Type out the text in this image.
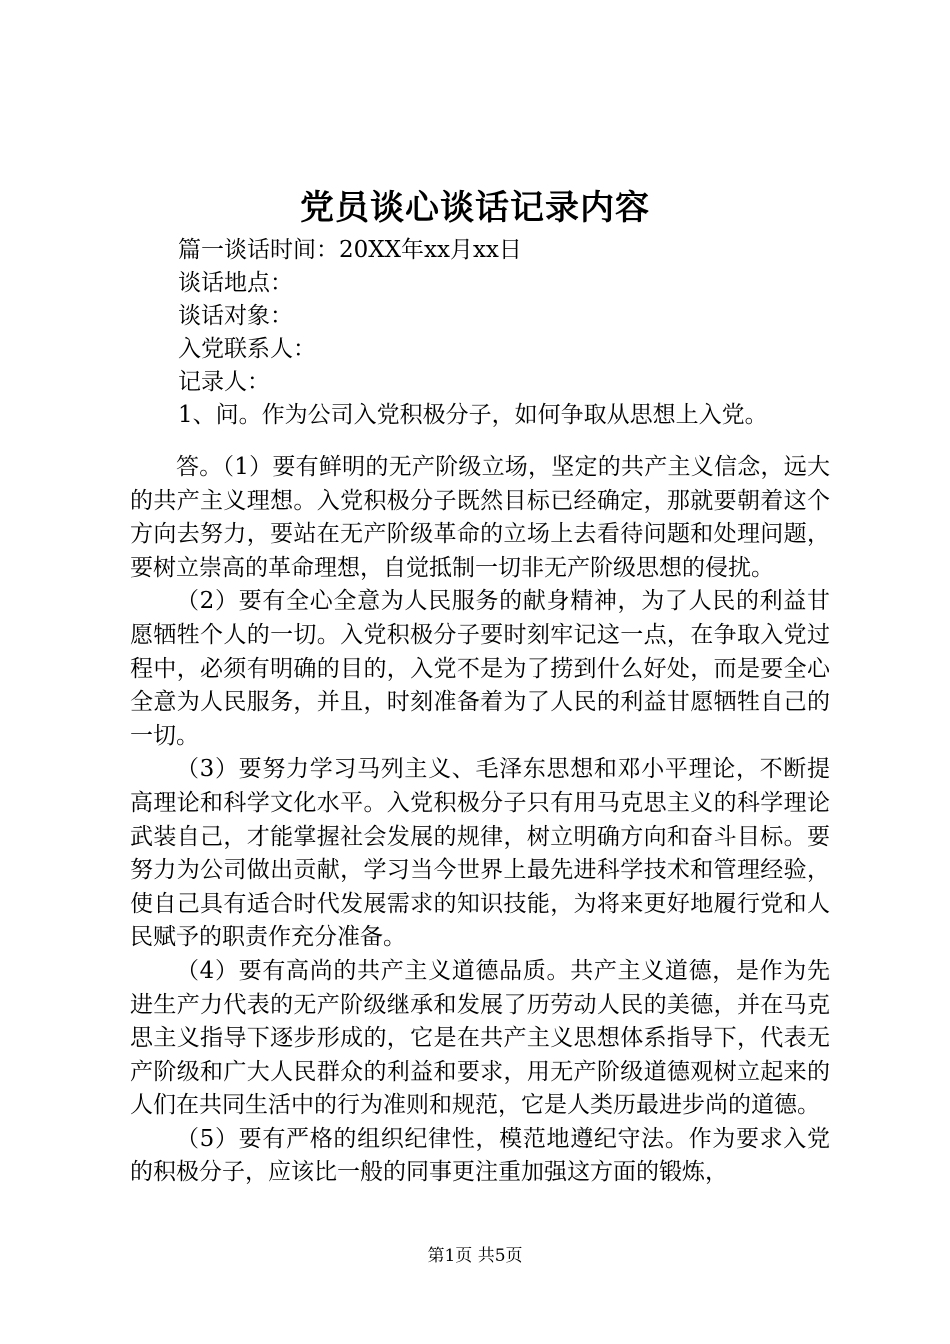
党员谈心谈话记录内容
篇一谈话时间：20XX年xx月xx日
谈话地点：
谈话对象：
入党联系人：
记录人：
1、问。作为公司入党积极分子，如何争取从思想上入党。

答。（1）要有鲜明的无产阶级立场，坚定的共产主义信念，远大的共产主义理想。入党积极分子既然目标已经确定，那就要朝着这个方向去努力，要站在无产阶级革命的立场上去看待问题和处理问题，要树立崇高的革命理想，自觉抵制一切非无产阶级思想的侵扰。

（2）要有全心全意为人民服务的献身精神，为了人民的利益甘愿牺牲个人的一切。入党积极分子要时刻牢记这一点，在争取入党过程中，必须有明确的目的，入党不是为了捞到什么好处，而是要全心全意为人民服务，并且，时刻准备着为了人民的利益甘愿牺牲自己的一切。

（3）要努力学习马列主义、毛泽东思想和邓小平理论，不断提高理论和科学文化水平。入党积极分子只有用马克思主义的科学理论武装自己，才能掌握社会发展的规律，树立明确方向和奋斗目标。要努力为公司做出贡献，学习当今世界上最先进科学技术和管理经验，使自己具有适合时代发展需求的知识技能，为将来更好地履行党和人民赋予的职责作充分准备。

（4）要有高尚的共产主义道德品质。共产主义道德，是作为先进生产力代表的无产阶级继承和发展了历劳动人民的美德，并在马克思主义指导下逐步形成的，它是在共产主义思想体系指导下，代表无产阶级和广大人民群众的利益和要求，用无产阶级道德观树立起来的人们在共同生活中的行为准则和规范，它是人类历最进步尚的道德。

（5）要有严格的组织纪律性，模范地遵纪守法。作为要求入党的积极分子，应该比一般的同事更注重加强这方面的锻炼，

第1页 共5页
